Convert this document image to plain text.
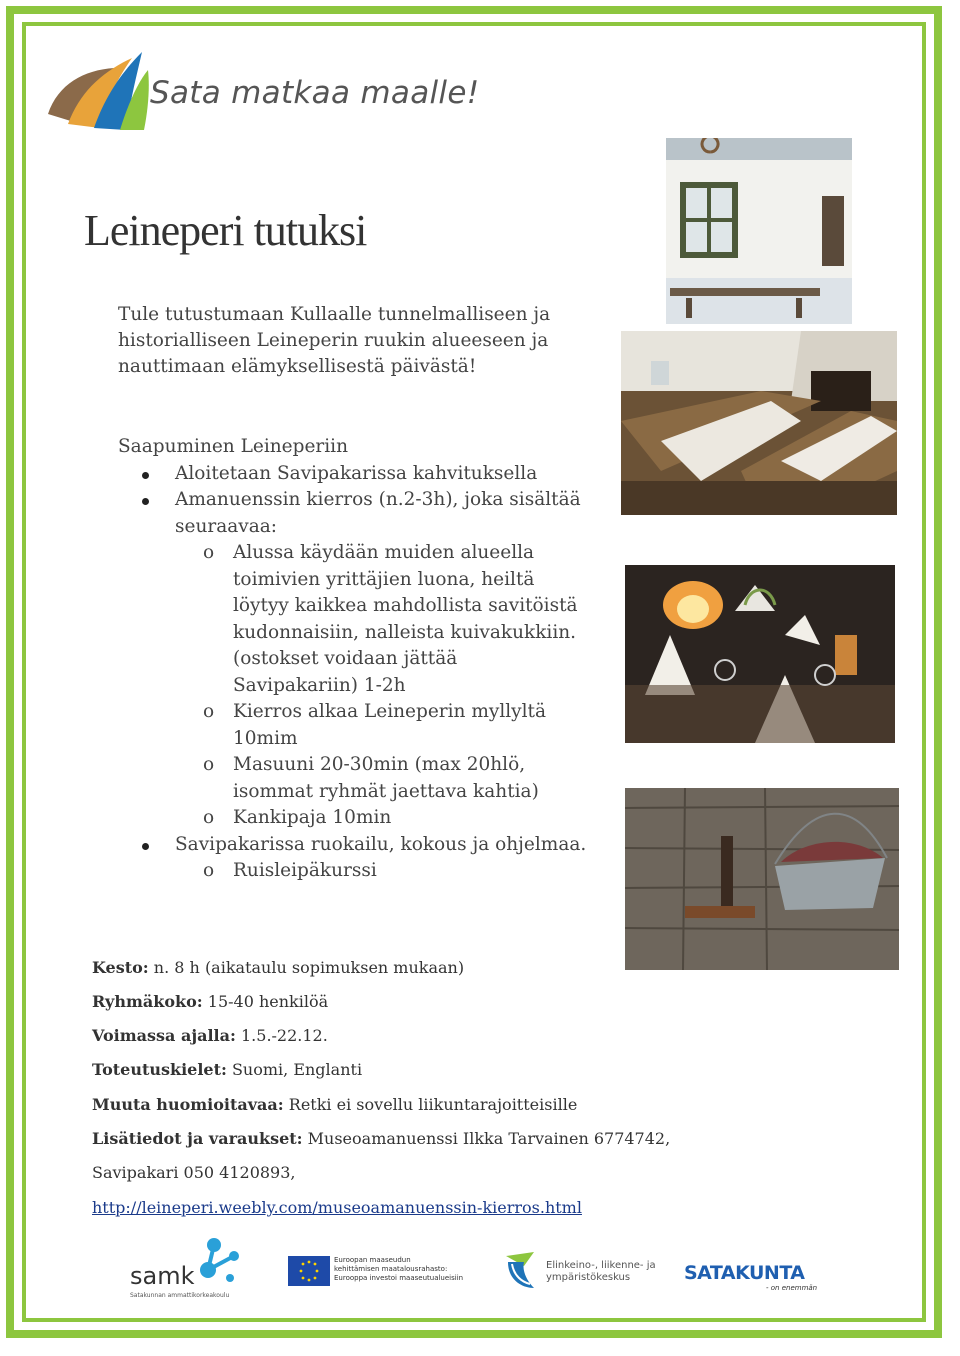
Sata matkaa maalle!
Leineperi tutuksi
Tule tutustumaan Kullaalle tunnelmalliseen ja historialliseen Leineperin ruukin alueeseen ja nauttimaan elämyksellisestä päivästä!

Saapuminen Leineperiin

Aloitetaan Savipakarissa kahvituksella

Amanuenssin kierros (n.2-3h), joka sisältää seuraavaa:

o Alussa käydään muiden alueella toimivien yrittäjien luona, heiltä löytyy kaikkea mahdollista savitöistä kudonnaisiin, nalleista kuivakukkiin. (ostokset voidaan jättää Savipakariin) 1-2h

o Kierros alkaa Leineperin myllyltä 10mim

o Masuuni 20-30min (max 20hlö, isommat ryhmät jaettava kahtia)

o Kankipaja 10min

Savipakarissa ruokailu, kokous ja ohjelmaa.

o Ruisleipäkurssi

Kesto: n. 8 h (aikataulu sopimuksen mukaan)
Ryhmäkoko: 15-40 henkilöä
Voimassa ajalla: 1.5.-22.12.
Toteutuskielet: Suomi, Englanti
Muuta huomioitavaa: Retki ei sovellu liikuntarajoitteisille
Lisätiedot ja varaukset: Museoamanuenssi Ilkka Tarvainen 6774742,
Savipakari 050 4120893,
http://leineperi.weebly.com/museoamanuenssin-kierros.html
samk
Satakunnan ammattikorkeakoulu
Euroopan maaseudun
kehittämisen maatalousrahasto:
Eurooppa investoi maaseutualueisiin
Elinkeino-, liikenne- ja
ympäristökeskus	SATAKUNTA
- on enemmän
